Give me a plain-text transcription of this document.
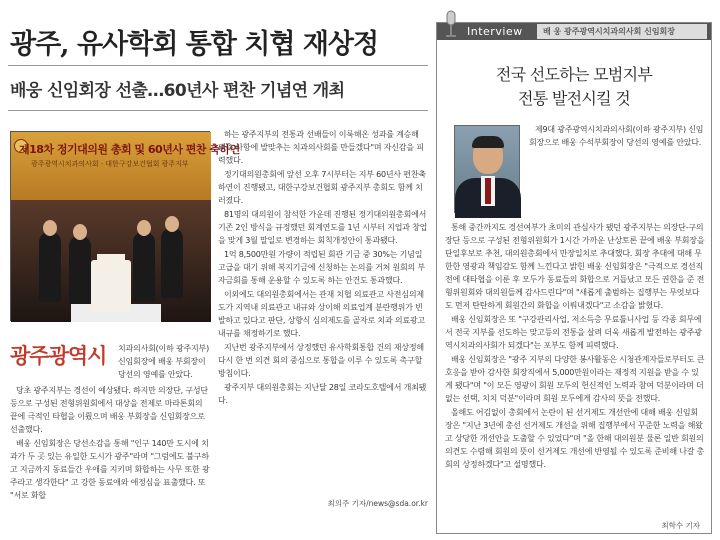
광주, 유사학회 통합 치협 재상정
배웅 신임회장 선출…60년사 편찬 기념연 개최
제18차 정기대의원 총회 및 60년사 편찬 축하연
광주광역시치과의사회 · 대한구강보건협회 광주지부
광주광역시 치과의사회(이하 광주지부) 신임회장에 배웅 부회장이 당선의 영예를 안았다.

당초 광주지부는 경선이 예상됐다. 하지만 의장단, 구성단 등으로 구성된 전형위원회에서 대상을 전제로 마라톤회의 끝에 극적인 타협을 이뤘으며 배웅 부회장을 신임회장으로 선출했다.

배웅 신임회장은 당선소감을 통해 "인구 140만 도시에 치과가 두 곳 있는 유일한 도시가 광주"라며 "그럼에도 불구하고 지금까지 동료들간 우애를 지키며 화합하는 사무 또한 광주라고 생각한다" 고 강한 동료애와 애정심을 표출했다. 또 "서로 화합

하는 광주지부의 전통과 선배들이 이룩해온 성과를 계승해 대측 사항에 발맞추는 치과의사회를 만들겠다"며 자신감을 피력했다.

정기대의원총회에 앞선 오후 7시부터는 지부 60년사 편찬축하연이 진행됐고, 대한구강보건협회 광주지부 총회도 함께 치러졌다.

81명의 대의원이 참석한 가운데 진행된 정기대의원총회에서 기존 2인 방식을 규정했던 회계연도를 1년 시부터 지업과 창업을 맞게 3월 말일로 변경하는 회칙개정안이 통과됐다.

1억 8,500만원 가량이 적립된 회관 기금 중 30%는 기념일 고급을 대기 위해 복지기금에 신청하는 논의를 거쳐 원회의 부자금회를 통해 운용할 수 있도록 하는 안건도 통과했다.

이외에도 대의원총회에서는 관재 치협 의료관고 사전심의제도가 지역내 의료관고 내규와 상이해 의료업계 분란행위가 빈발하고 있다고 판단, 상향식 심의제도를 골자로 치과 의료광고 내규를 채정하기로 했다.

지난번 광주지부에서 상정했던 유사학회통합 건의 재상정해 다시 한 번 의견 회의 중심으로 통합을 이루 수 있도록 촉구할 방침이다.

광주지부 대의원총회는 지난달 28일 코라도호텔에서 개최됐다.

최의주 기자/news@sda.or.kr
Interview	배 웅 광주광역시치과의사회 신임회장
전국 선도하는 모범지부
전통 발전시킬 것

제9대 광주광역시치과의사회(이하 광주지부) 신임회장으로 배웅 수석부회장이 당선의 영예를 안았다.

통해 중간까지도 경선여부가 초미의 관심사가 됐던 광주지부는 의장단-구의장단 등으로 구성된 전형위원회가 1시간 가까운 난상토론 끝에 배웅 부회장을 단일후보로 추천, 대의원총회에서 만장일치로 추대했다. 회장 추대에 대해 무한한 영광과 책임감도 함께 느낀다고 밝힌 배웅 신임회장은 "극적으로 경선직전에 대타협을 이룬 후 모두가 동료들의 화합으로 거듭났고 모든 권한을 준 전형위원회와 대의원들께 감사드린다"며 "새롭게 출범하는 집행부는 무엇보다도 먼저 탄탄하게 회원간의 화합을 이뤄내겠다"고 소감을 밝혔다.

배웅 신임회장은 또 "구강관리사업, 저소득층 무료틀니사업 등 각종 회무에서 전국 지부를 선도하는 맞고등의 전통을 살려 더욱 새롭게 발전하는 광주광역시치과의사회가 되겠다"는 포부도 함께 피력했다.

배웅 신임회장은 "광주 지부의 다양한 봉사활동은 시청관계자들로부터도 큰 호응을 받아 감사한 회장직에서 5,000만원이라는 재정적 지원을 받을 수 있게 됐다"며 "이 모든 영광이 회원 모두의 헌신적인 노력과 참여 덕분이라며 더 없는 선택, 치치 덕분"이라며 회원 모두에게 감사의 뜻을 전했다.

올해도 어김없이 총회에서 논란이 된 선거제도 개선안에 대해 배웅 신임회장은 "지난 3년에 총선 선거제도 개선을 위해 집행부에서 꾸준한 노력을 해왔고 상당한 개선안을 도출할 수 있었다"며 "올 한해 대의원분 물론 일반 회원의 의견도 수렴해 회원의 뜻이 선거제도 개선에 반영될 수 있도록 준비해 나갈 총회의 상정하겠다"고 설명했다.

최학수 기자
